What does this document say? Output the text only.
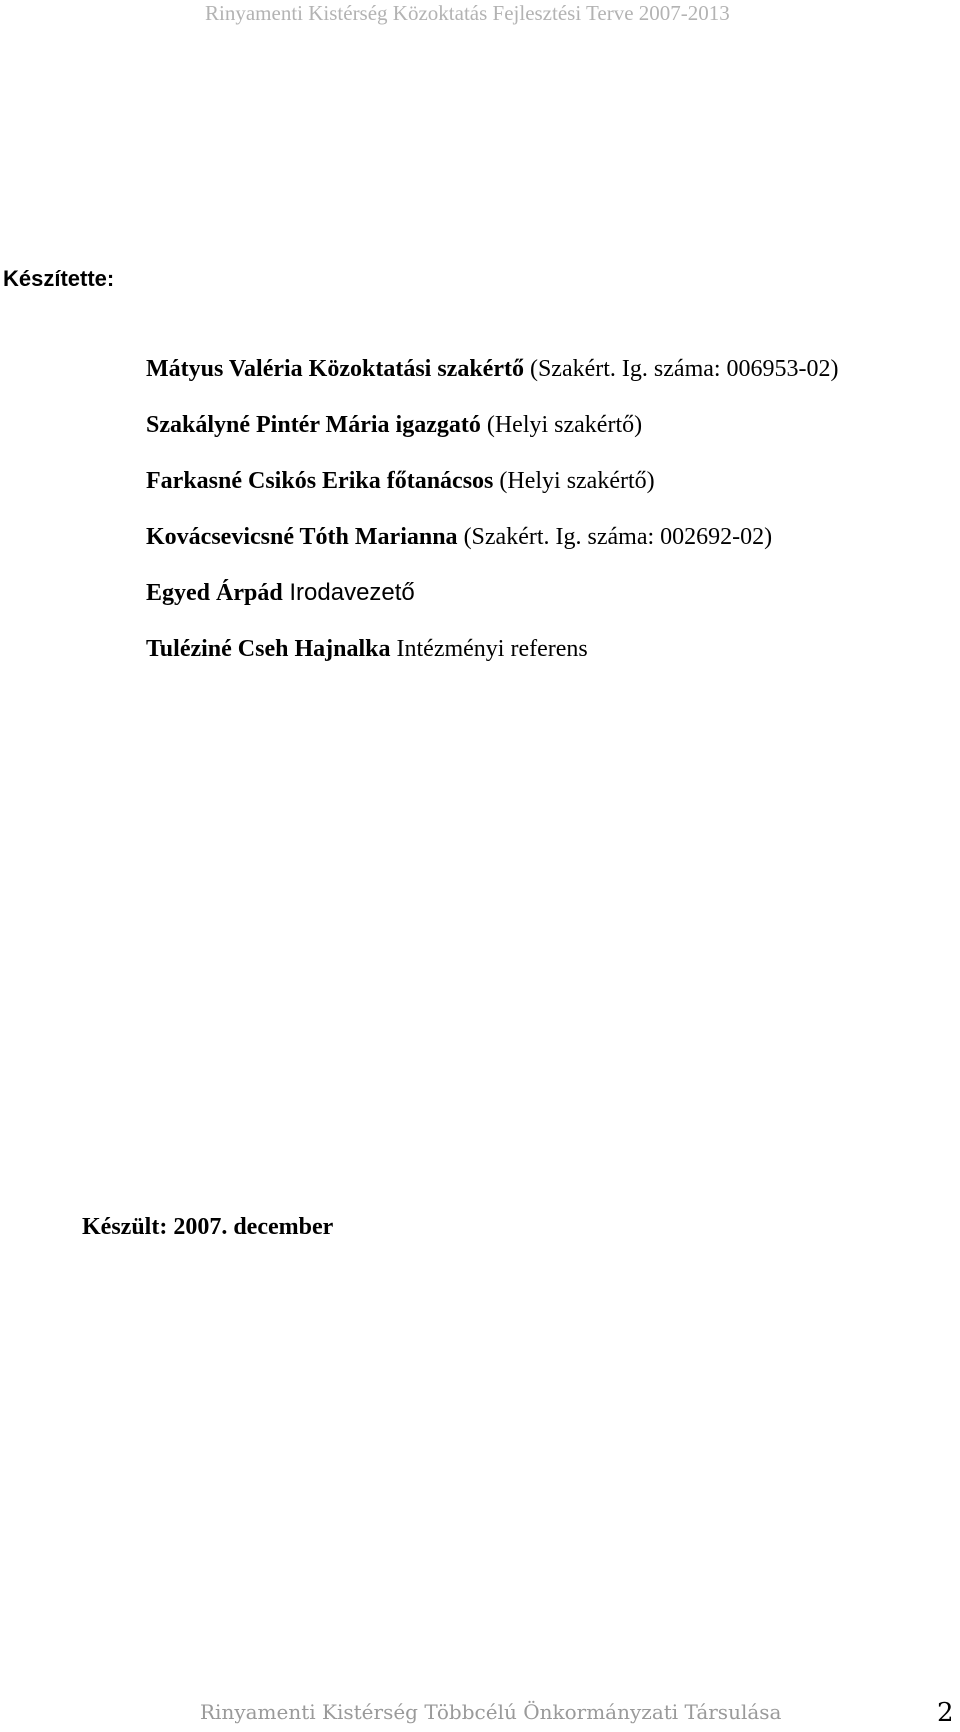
Rinyamenti Kistérség Közoktatás Fejlesztési Terve 2007-2013
Készítette:
Mátyus Valéria Közoktatási szakértő (Szakért. Ig. száma: 006953-02)
Szakályné Pintér Mária igazgató (Helyi szakértő)
Farkasné Csikós Erika főtanácsos (Helyi szakértő)
Kovácsevicsné Tóth Marianna (Szakért. Ig. száma: 002692-02)
Egyed Árpád Irodavezető
Tuléziné Cseh Hajnalka Intézményi referens
Készült: 2007. december
Rinyamenti Kistérség Többcélú Önkormányzati Társulása	2
